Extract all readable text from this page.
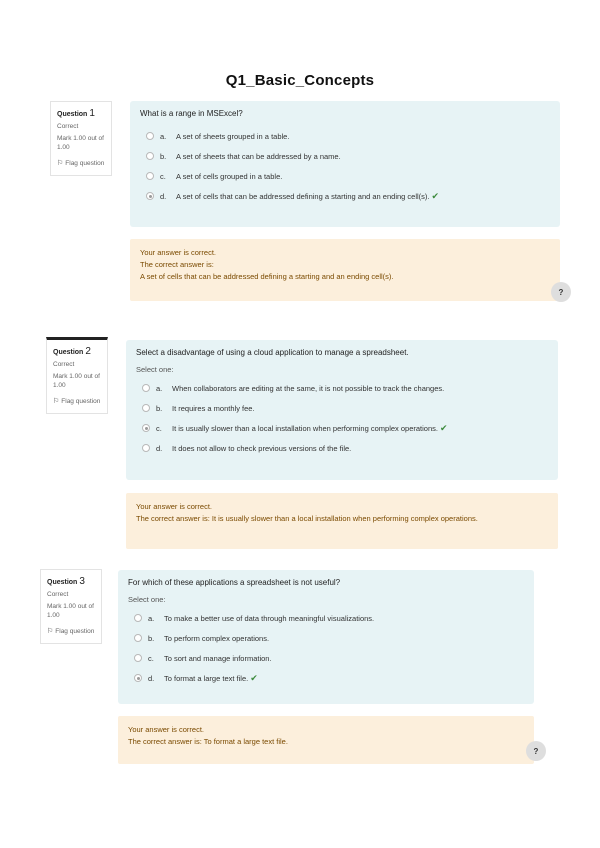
Q1_Basic_Concepts
Question 1
Correct
Mark 1.00 out of 1.00
⚐ Flag question
What is a range in MSExcel?
a.	A set of sheets grouped in a table.
b.	A set of sheets that can be addressed by a name.
c.	A set of cells grouped in a table.
d.	A set of cells that can be addressed defining a starting and an ending cell(s). ✔
Your answer is correct.
The correct answer is:
A set of cells that can be addressed defining a starting and an ending cell(s).
?
Question 2
Correct
Mark 1.00 out of 1.00
⚐ Flag question
Select a disadvantage of using a cloud application to manage a spreadsheet.
Select one:
a.	When collaborators are editing at the same, it is not possible to track the changes.
b.	It requires a monthly fee.
c.	It is usually slower than a local installation when performing complex operations. ✔
d.	It does not allow to check previous versions of the file.
Your answer is correct.
The correct answer is: It is usually slower than a local installation when performing complex operations.
Question 3
Correct
Mark 1.00 out of 1.00
⚐ Flag question
For which of these applications a spreadsheet is not useful?
Select one:
a.	To make a better use of data through meaningful visualizations.
b.	To perform complex operations.
c.	To sort and manage information.
d.	To format a large text file. ✔
Your answer is correct.
The correct answer is: To format a large text file.
?
